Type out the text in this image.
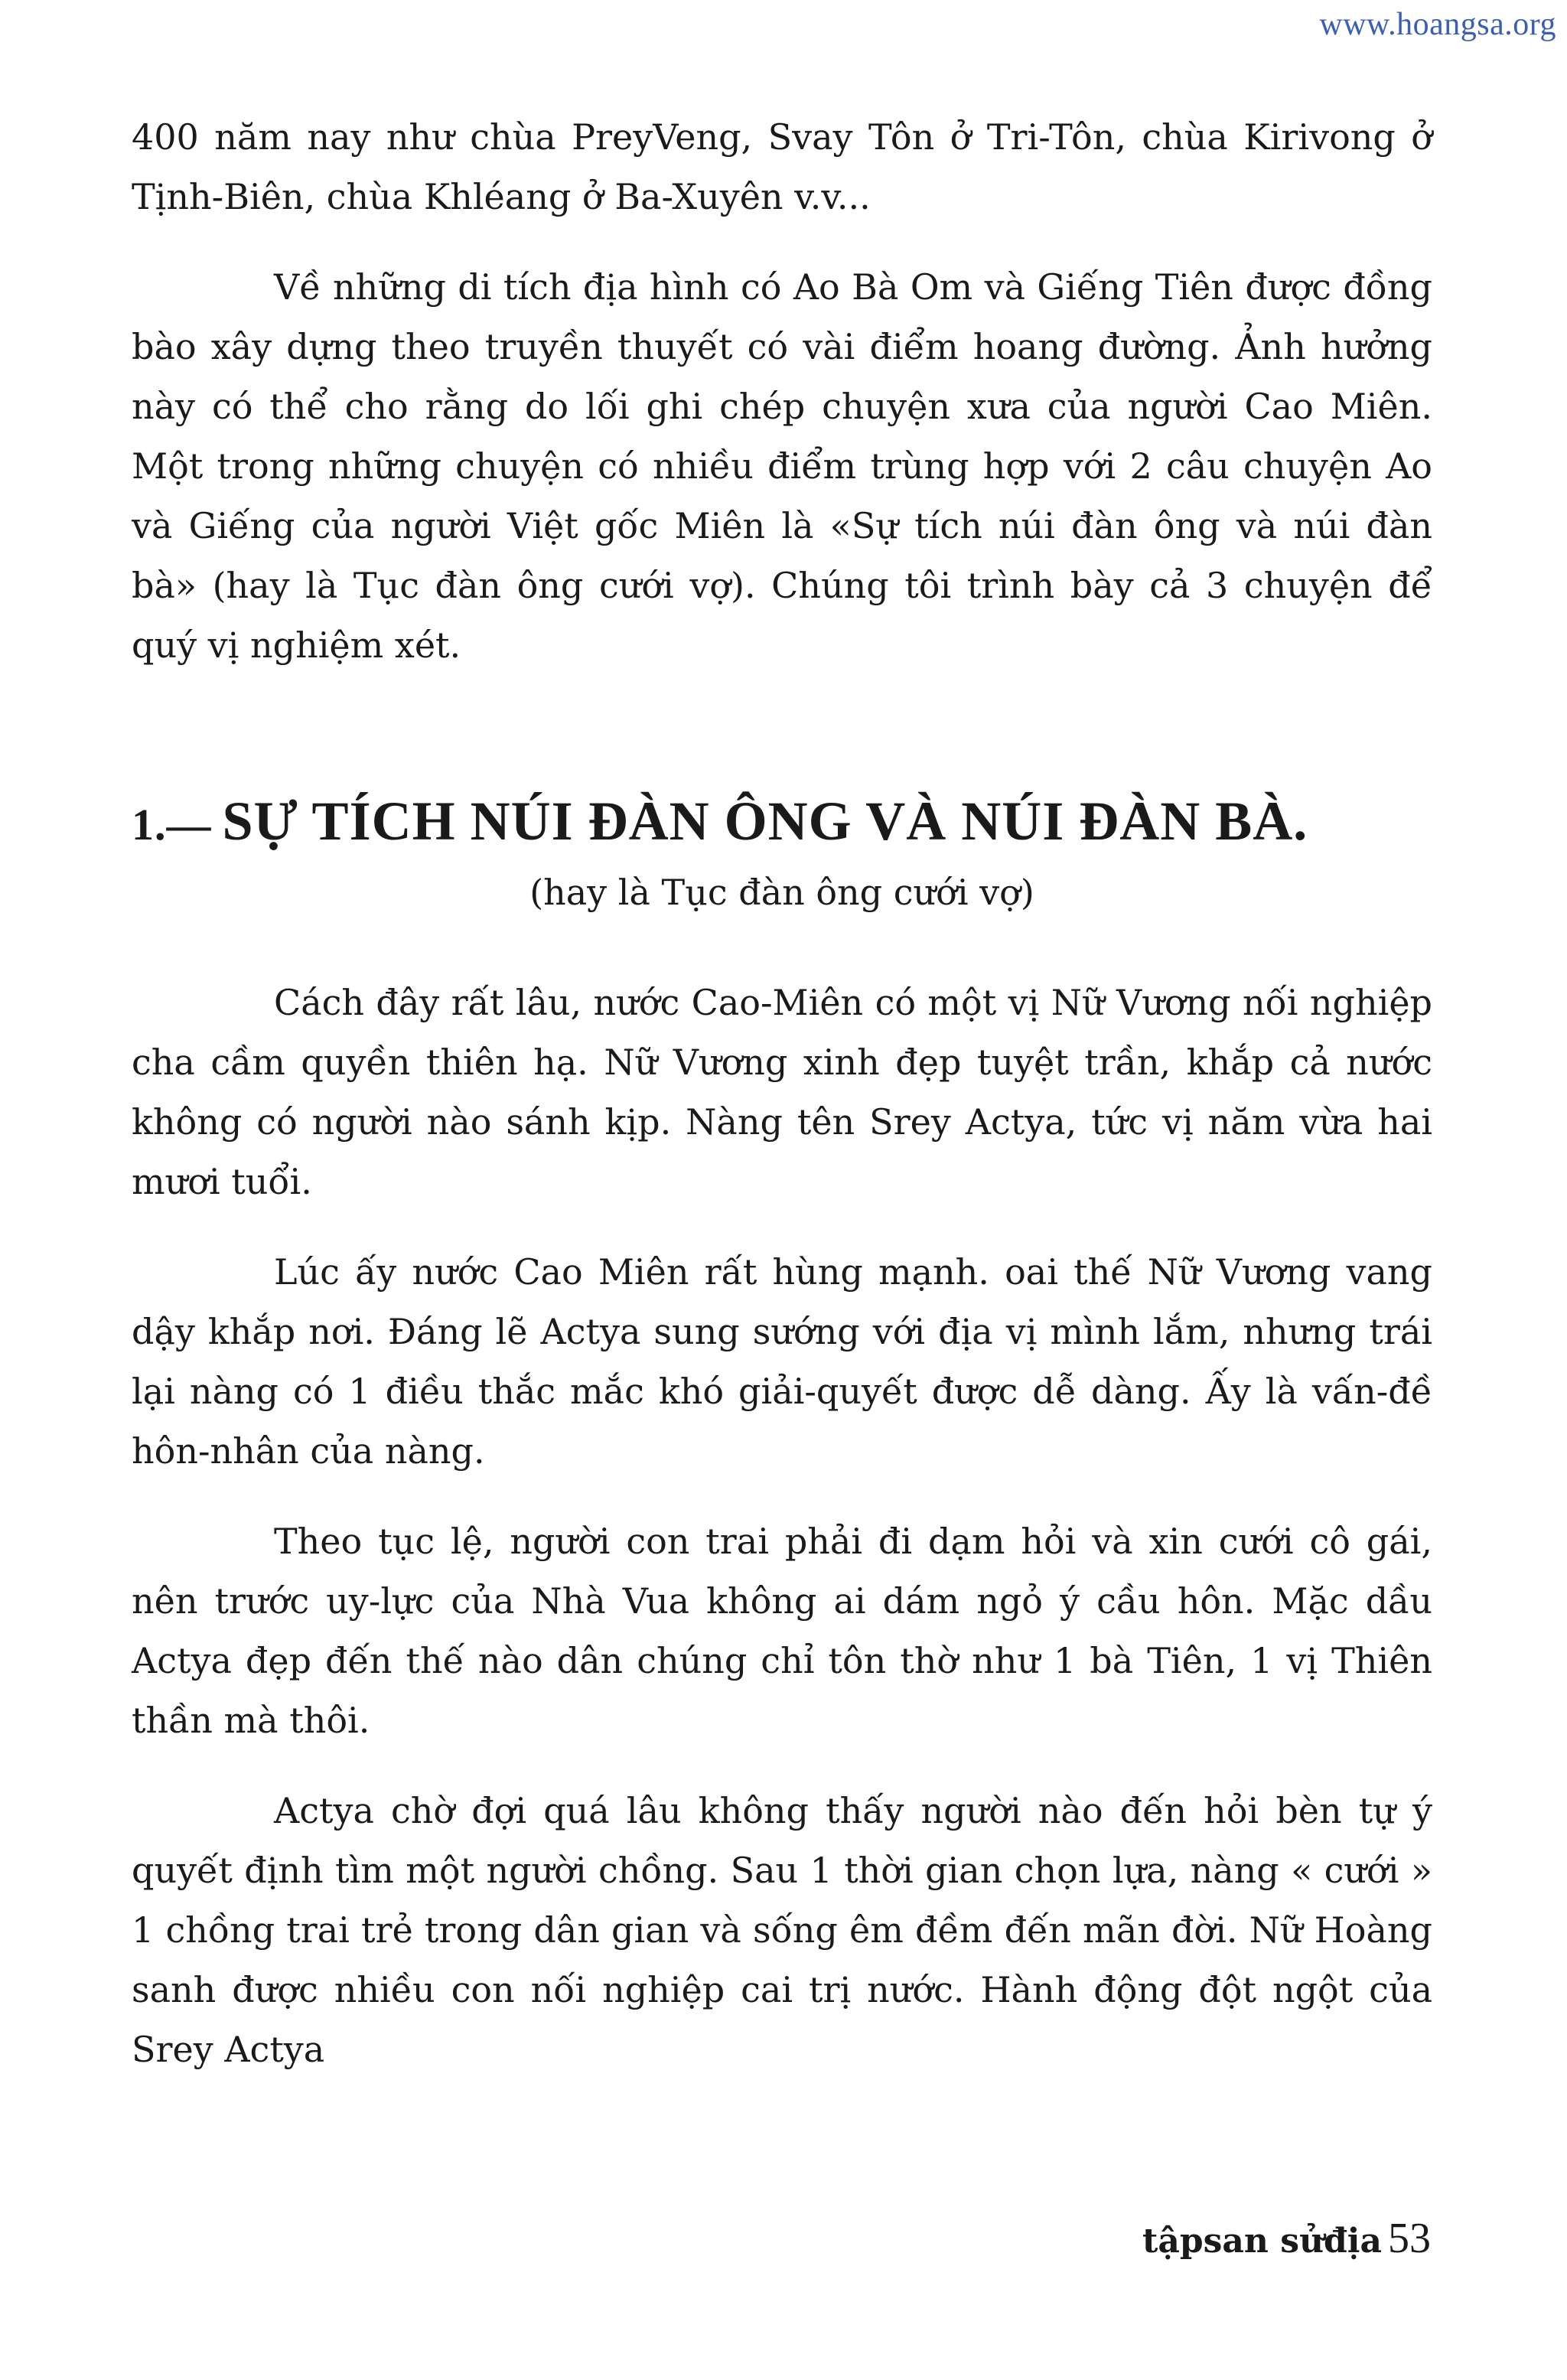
www.hoangsa.org

400 năm nay như chùa PreyVeng, Svay Tôn ở Tri-Tôn, chùa Kirivong ở Tịnh-Biên, chùa Khléang ở Ba-Xuyên v.v...

Về những di tích địa hình có Ao Bà Om và Giếng Tiên được đồng bào xây dựng theo truyền thuyết có vài điểm hoang đường. Ảnh hưởng này có thể cho rằng do lối ghi chép chuyện xưa của người Cao Miên. Một trong những chuyện có nhiều điểm trùng hợp với 2 câu chuyện Ao và Giếng của người Việt gốc Miên là «Sự tích núi đàn ông và núi đàn bà» (hay là Tục đàn ông cưới vợ). Chúng tôi trình bày cả 3 chuyện để quý vị nghiệm xét.

1.— SỰ TÍCH NÚI ĐÀN ÔNG VÀ NÚI ĐÀN BÀ.

(hay là Tục đàn ông cưới vợ)

Cách đây rất lâu, nước Cao-Miên có một vị Nữ Vương nối nghiệp cha cầm quyền thiên hạ. Nữ Vương xinh đẹp tuyệt trần, khắp cả nước không có người nào sánh kịp. Nàng tên Srey Actya, tức vị năm vừa hai mươi tuổi.

Lúc ấy nước Cao Miên rất hùng mạnh. oai thế Nữ Vương vang dậy khắp nơi. Đáng lẽ Actya sung sướng với địa vị mình lắm, nhưng trái lại nàng có 1 điều thắc mắc khó giải-quyết được dễ dàng. Ấy là vấn-đề hôn-nhân của nàng.

Theo tục lệ, người con trai phải đi dạm hỏi và xin cưới cô gái, nên trước uy-lực của Nhà Vua không ai dám ngỏ ý cầu hôn. Mặc dầu Actya đẹp đến thế nào dân chúng chỉ tôn thờ như 1 bà Tiên, 1 vị Thiên thần mà thôi.

Actya chờ đợi quá lâu không thấy người nào đến hỏi bèn tự ý quyết định tìm một người chồng. Sau 1 thời gian chọn lựa, nàng « cưới » 1 chồng trai trẻ trong dân gian và sống êm đềm đến mãn đời. Nữ Hoàng sanh được nhiều con nối nghiệp cai trị nước. Hành động đột ngột của Srey Actya

tậpsan sửđịa 53
